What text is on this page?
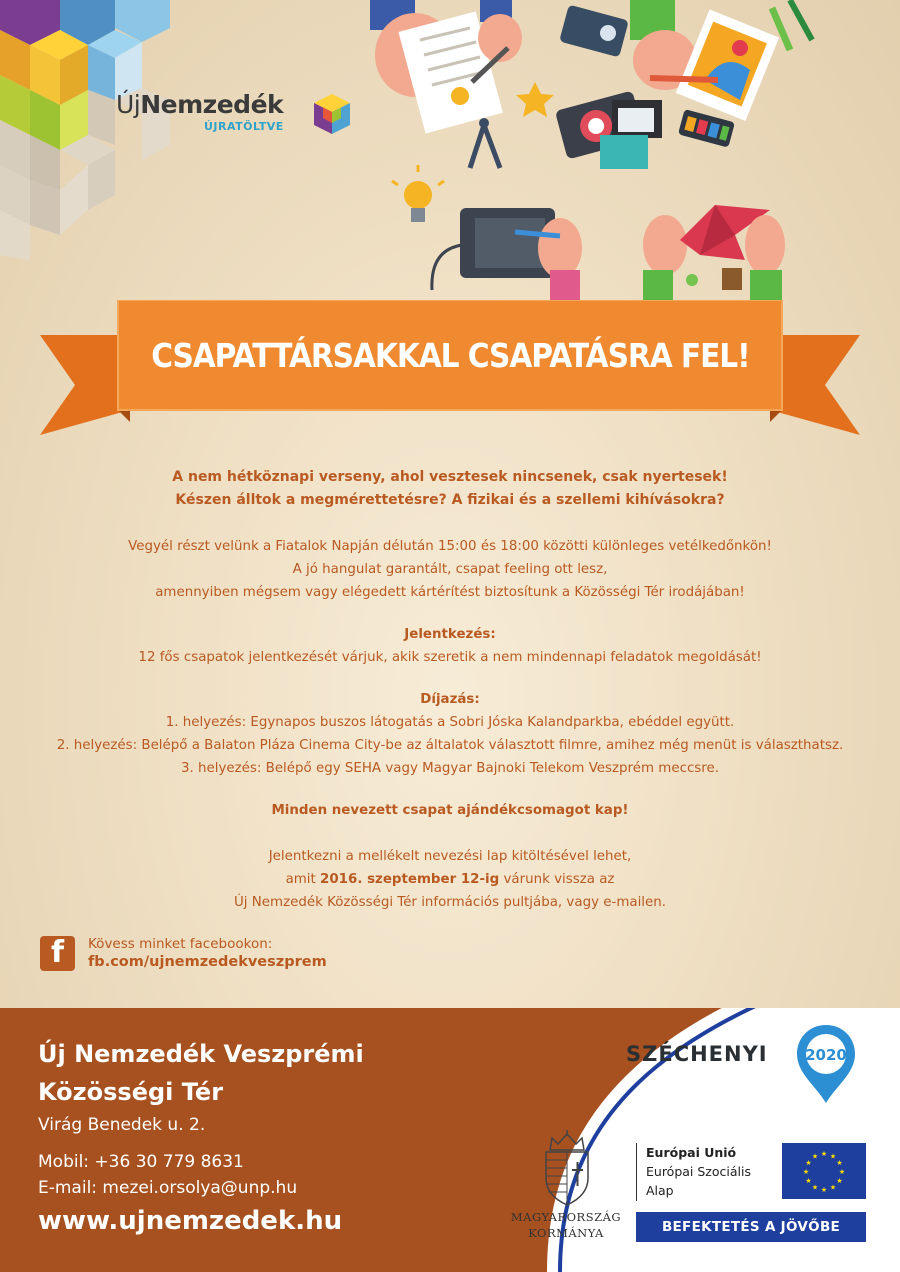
ÚjNemzedék
ÚJRATÖLTVE
CSAPATTÁRSAKKAL CSAPATÁSRA FEL!
A nem hétköznapi verseny, ahol vesztesek nincsenek, csak nyertesek!
Készen álltok a megmérettetésre? A fizikai és a szellemi kihívásokra?
Vegyél részt velünk a Fiatalok Napján délután 15:00 és 18:00 közötti különleges vetélkedőnkön!
A jó hangulat garantált, csapat feeling ott lesz,
amennyiben mégsem vagy elégedett kártérítést biztosítunk a Közösségi Tér irodájában!
Jelentkezés:
12 fős csapatok jelentkezését várjuk, akik szeretik a nem mindennapi feladatok megoldását!
Díjazás:
1. helyezés: Egynapos buszos látogatás a Sobri Jóska Kalandparkba, ebéddel együtt.
2. helyezés: Belépő a Balaton Pláza Cinema City-be az általatok választott filmre, amihez még menüt is választhatsz.
3. helyezés: Belépő egy SEHA vagy Magyar Bajnoki Telekom Veszprém meccsre.
Minden nevezett csapat ajándékcsomagot kap!
Jelentkezni a mellékelt nevezési lap kitöltésével lehet,
amit 2016. szeptember 12-ig várunk vissza az
Új Nemzedék Közösségi Tér információs pultjába, vagy e-mailen.
f Kövess minket facebookon:
fb.com/ujnemzedekveszprem
Új Nemzedék Veszprémi
Közösségi Tér
Virág Benedek u. 2.
Mobil: +36 30 779 8631
E-mail: mezei.orsolya@unp.hu
www.ujnemzedek.hu
SZÉCHENYI	2020
MAGYARORSZÁG
KORMÁNYA
Európai Unió
Európai Szociális
Alap
★ ★
★
★
★
★
★
★
★
★
★
★
BEFEKTETÉS A JÖVŐBE
